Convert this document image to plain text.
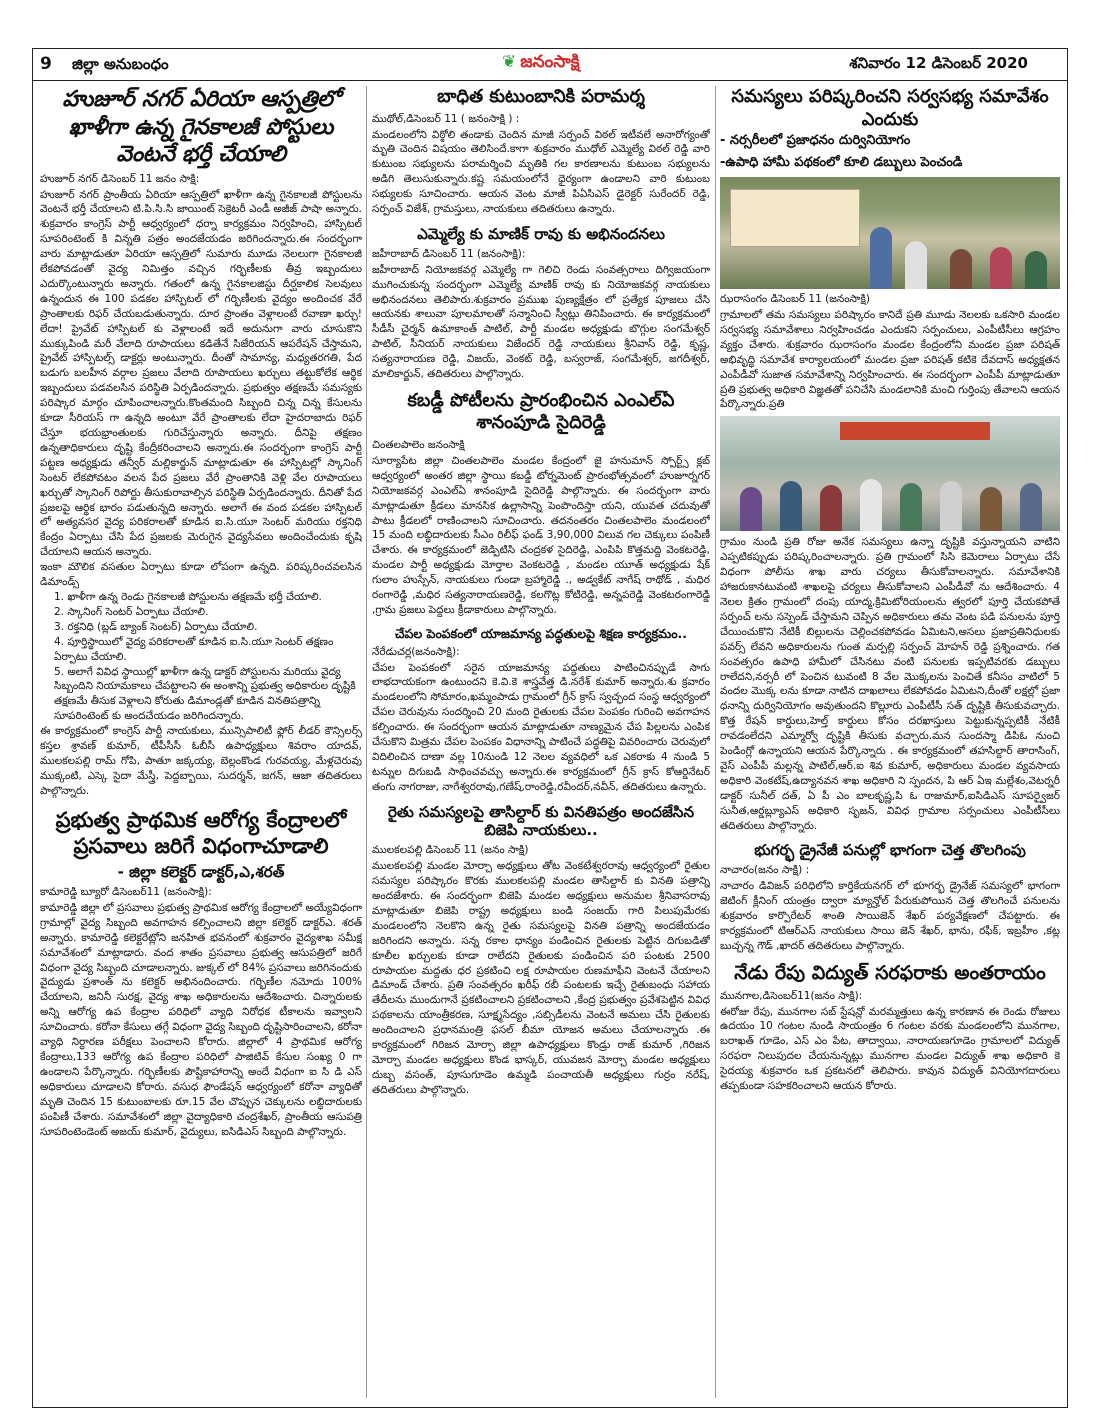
9 జిల్లా అనుబంధం	❦ జనంసాక్షి	శనివారం 12 డిసెంబర్ 2020
హుజూర్ నగర్ ఏరియా ఆస్పత్రిలో ఖాళీగా ఉన్న గైనకాలజీ పోస్టులు వెంటనే భర్తీ చేయాలి
హుజూర్ నగర్ డిసెంబర్ 11 జనం సాక్షి:
హుజూర్ నగర్ ప్రాంతీయ ఏరియా ఆస్పత్రిలో ఖాళీగా ఉన్న గైనకాలజీ పోస్టులను వెంటనే భర్తీ చేయాలని టి.పి.సి.సి జాయింట్ సెక్రెటరీ ఎండీ అజీజ్ పాషా అన్నారు. శుక్రవారం కాంగ్రెస్ పార్టీ ఆధ్వర్యంలో ధర్నా కార్యక్రమం నిర్వహించి, హాస్పిటల్ సూపరింటెంట్ కి విన్నతి పత్రం అందజేయడం జరిగిందన్నారు.ఈ సందర్భంగా వారు మాట్లాడుతూ ఏరియా ఆస్పత్రిలో సుమారు మూడు నెలలుగా గైనకాలజీ లేకపోవడంతో వైద్య నిమిత్తం వచ్చిన గర్భిణీలకు తీవ్ర ఇబ్బందులు ఎదుర్కొంటున్నారు అన్నారు. గతంలో ఉన్న గైనకాలజిస్టు దీర్ఘకాలిక సెలవులు ఉన్నందున ఈ 100 పడకల హాస్పిటల్ లో గర్భిణీలకు వైద్యం అందించక వేరే ప్రాంతాలకు రిఫర్ చేయబడుతున్నారు. దూర ప్రాంతం వెళ్లాలంటే రవాణా ఖర్చు! లేదా! ప్రైవేట్ హాస్పిటల్ కు వెళ్లాలంటే ఇదే అదునుగా వారు చూసుకొని ముక్కుపిండి మరీ వేలాది రూపాయలు కడితేనే సిజేరియన్ ఆపరేషన్ చేస్తామని, ప్రైవేట్ హాస్పిటల్స్ డాక్టర్లు అంటున్నారు. దీంతో సామాన్య, మధ్యతరగతి, పేద బడుగు బలహీన వర్గాల ప్రజలు వేలాది రూపాయలు ఖర్చులు తట్టుకోలేక ఆర్థిక ఇబ్బందులు పడవలసిన పరిస్థితి ఏర్పడిందన్నారు. ప్రభుత్వం తక్షణమే సమస్యకు పరిష్కార మార్గం చూపించాలన్నారు.కొంతమంది సిబ్బంది చిన్న చిన్న కేసులను కూడా సీరియస్ గా ఉన్నది అంటూ వేరే ప్రాంతాలకు లేదా హైదరాబాదు రిఫర్ చేస్తూ భయభ్రాంతులకు గురిచేస్తున్నారు అన్నారు. దీనిపై తక్షణం ఉన్నతాధికారులు దృష్టి కేంద్రీకరించాలని అన్నారు.ఈ సందర్భంగా కాంగ్రెస్ పార్టీ పట్టణ అధ్యక్షుడు తన్వీర్ మల్లికార్జున్ మాట్లాడుతూ ఈ హాస్పిటల్లో స్కానింగ్ సెంటర్ లేకపోవటం వలన పేద ప్రజలు వేరే ప్రాంతానికి వెళ్లి వేల రూపాయలు ఖర్చుతో స్కానింగ్ రిపోర్టు తీసుకురావాల్సిన పరిస్థితి ఏర్పడిందన్నారు. దీనితో పేద ప్రజలపై ఆర్థిక భారం పడుతున్నది అన్నారు. అలాగే ఈ వంద పడకల హాస్పిటల్ లో అత్యవసర వైద్య పరికరాలతో కూడిన ఐ.సి.యూ సెంటర్ మరియు రక్తనిధి కేంద్రం ఏర్పాటు చేసి పేద ప్రజలకు మెరుగైన వైద్యసేవలు అందించేందుకు కృషి చేయాలని ఆయన అన్నారు.
ఇంకా మౌలిక వసతుల ఏర్పాటు కూడా లోపంగా ఉన్నది. పరిష్కరించవలసిన డిమాండ్స్
1. ఖాళీగా ఉన్న రెండు గైనకాలజీ పోస్టులను తక్షణమే భర్తీ చేయాలి.
2. స్కానింగ్ సెంటర్ ఏర్పాటు చేయాలి.
3. రక్తనిధి (బ్లడ్ బ్యాంక్ సెంటర్) ఏర్పాటు చేయాలి.
4. పూర్తిస్థాయిలో వైద్య పరికరాలతో కూడిన ఐ.సి.యూ సెంటర్ తక్షణం ఏర్పాటు చేయాలి.
5. అలాగే వివిధ స్థాయిల్లో ఖాళీగా ఉన్న డాక్టర్ పోస్టులను మరియు వైద్య సిబ్బందిని నియామకాలు చేపట్టాలని ఈ అంశాన్ని ప్రభుత్వ అధికారుల దృష్టికి తక్షణమే తీసుక వెళ్లాలని కోరుతు డిమాండ్లతో కూడిన వినతిపత్రాన్ని సూపరింటెంట్ కు అందచేయడం జరిగిందన్నారు.
ఈ కార్యక్రమంలో కాంగ్రెస్ పార్టీ నాయకులు, మున్సిపాలిటీ ఫ్లోర్ లీడర్ కౌన్సిలర్స్ కస్తల శ్రావణ్ కుమార్, టీపీసీసీ ఓబీసీ ఉపాధ్యక్షులు శివరాం యాదవ్, ములకలపల్లి రామ్ గోపి, పాతూ జక్కయ్య, బెల్లంకొండ గురవయ్య, మేళ్లచెరువు ముక్కంటి, ఎస్కె సైదా మేస్త్రీ, పెద్దబ్బాయి, సుదర్శన్, జగన్, ఆజా తదితరులు పాల్గొన్నారు.
ప్రభుత్వ ప్రాథమిక ఆరోగ్య కేంద్రాలలో ప్రసవాలు జరిగే విధంగాచూడాలి
- జిల్లా కలెక్టర్ డాక్టర్,ఎ,శరత్
కామారెడ్డి బ్యూరో డిసెంబర్11 (జనంసాక్షి):
కామారెడ్డి జిల్లా లో ప్రసవాలు ప్రభుత్వ ప్రాథమిక ఆరోగ్య కేంద్రాలలో అయ్యేవిధంగా గ్రామాల్లో వైద్య సిబ్బంది అవగాహన కల్పించాలని జిల్లా కలెక్టర్ డాక్టర్ఎ. శరత్ అన్నారు. కామారెడ్డి కలెక్టరేట్లోని జనహిత భవనంలో శుక్రవారం వైద్యశాఖ సమీక్ష సమావేశంలో మాట్లాడారు. వంద శాతం ప్రసవాలు ప్రభుత్వ ఆసుపత్రిలో జరిగే విధంగా వైద్య సిబ్బంది చూడాలన్నారు. జుక్కల్ లో 84% ప్రసవాలు జరిగినందుకు వైద్యుడు ప్రశాంత్ ను కలెక్టర్ అభినందించారు. గర్భిణీల నమోదు 100% చేయాలని, జనినీ సురక్ష, వైద్య శాఖ అధికారులను ఆదేశించారు. చిన్నారులకు అన్ని ఆరోగ్య ఉప కేంద్రాల పరిధిలో వ్యాధి నిరోధక టీకాలను ఇవ్వాలని సూచించారు. కరోనా కేసులు తగ్గే విధంగా వైద్య సిబ్బంది దృష్టిసారించాలని, కరోనా వ్యాధి నిర్ధారణ పరీక్షలు పెంచాలని కోరారు. జిల్లాలో 4 ప్రాథమిక ఆరోగ్య కేంద్రాలు,133 ఆరోగ్య ఉప కేంద్రాల పరిధిలో పాజిటివ్ కేసుల సంఖ్య 0 గా ఉండాలని పేర్కొన్నారు. గర్భిణీలకు పౌష్టికాహారాన్ని అందే విధంగా ఐ సి డి ఎస్ అధికారులు చూడాలని కోరారు. వసుధ ఫౌండేషన్ ఆధ్వర్యంలో కరోనా వ్యాధితో మృతి చెందిన 15 కుటుంబాలకు రూ.15 వేల చొప్పున చెక్కులను లబ్ధిదారులకు పంపిణీ చేశారు. సమావేశంలో జిల్లా వైద్యాధికారి చంద్రశేఖర్, ప్రాంతీయ ఆసుపత్రి సూపరింటెండెంట్ అజయ్ కుమార్, వైద్యులు, ఐసిడిఎస్ సిబ్బంది పాల్గొన్నారు.
బాధిత కుటుంబానికి పరామర్శ
ముథోల్,డిసెంబర్ 11 ( జనంసాక్షి ) :
మండలంలోని విఠ్ఠోలి తండాకు చెందిన మాజీ సర్పంచ్ విఠల్ ఇటీవలే అనారోగ్యంతో మృతి చెందిన విషయం తెలిసిందే.కాగా శుక్రవారం ముధోల్ ఎమ్మెల్యే విఠల్ రెడ్డి వారి కుటుంబ సభ్యులను పరామర్శించి మృతికి గల కారణాలను కుటుంబ సభ్యులను అడిగి తెలుసుకున్నారు.కష్ట సమయంలోనే ధైర్యంగా ఉండాలని వారి కుటుంబ సభ్యులకు సూచించారు. ఆయన వెంట మాజీ పిఏసిఎస్ డైరెక్టర్ సురేందర్ రెడ్డి, సర్పంచ్ విజేశ్, గ్రామస్తులు, నాయకులు తదితరులు ఉన్నారు.
ఎమ్మెల్యే కు మాణిక్ రావు కు అభినందనలు
జహీరాబాద్ డిసెంబర్ 11 (జనంసాక్షి):
జహీరాబాద్ నియోజకవర్గ ఎమ్మెల్యే గా గెలిచి రెండు సంవత్సరాలు దిగ్విజయంగా ముగించుకున్న సందర్భంగా ఎమ్మెల్యే మాణిక్ రావు కు నియోజకవర్గ నాయకులు అభినందనలు తెలిపారు.శుక్రవారం ప్రముఖ పుణ్యక్షేత్రం లో ప్రత్యేక పూజలు చేసి ఆయనకు శాలువా పూలమాలతో సన్మానించి స్వీట్లు తినిపించారు. ఈ కార్యక్రమంలో సీడీసీ చైర్మన్ ఉమాకాంత్ పాటిల్, పార్టీ మండల అధ్యక్షుడు బొగ్గుల సంగమేశ్వర్ పాటిల్, సీనియర్ నాయకులు విజేందర్ రెడ్డి నాయకులు శ్రీనివాస్ రెడ్డి, కృష్ణ, సత్యనారాయణ రెడ్డి, విజయ్, వెంకట్ రెడ్డి, బస్వరాజ్, సంగమేశ్వర్, జగదీశ్వర్, మాలికార్జున్, తదితరులు పాల్గొన్నారు.
కబడ్డీ పోటీలను ప్రారంభించిన ఎంఎల్ఏ శానంపూడి సైదిరెడ్డి
చింతలపాలెం జనంసాక్షి
సూర్యాపేట జిల్లా చింతలపాలెం మండల కేంద్రంలో జై హనుమాన్ స్పోర్ట్స్ క్లబ్ ఆధ్వర్యంలో అంతర జిల్లా స్థాయి కబడ్డీ టోర్నమెంట్ ప్రారంభోత్సవంలో హుజూర్నగర్ నియోజకవర్గ ఎంఎల్ఏ శానంపూడి సైదిరెడ్డి పాల్గొన్నారు. ఈ సందర్భంగా వారు మాట్లాడుతూ క్రీడలు మానసిక ఉల్లాసాన్ని పెంపొందిస్తా యని, యువత చదువుతో పాటు క్రీడలలో రాణించాలని సూచించారు. తదనంతరం చింతలపాలెం మండలంలో 15 మంది లబ్ధిదారులకు సీఎం రిలీఫ్ ఫండ్ 3,90,000 విలువ గల చెక్కులు పంపిణీ చేశారు. ఈ కార్యక్రమంలో జెడ్పిటిసి చంద్రకళ సైదిరెడ్డి, ఎంపిపి కొత్తమద్ది వెంకటరెడ్డి, మండల పార్టీ అధ్యక్షుడు మోర్తాల వెంకటరెడ్డి , మండల యూత్ అధ్యక్షుడు షేక్ గులాం హుస్సేన్, నాయకులు గుండా బ్రహ్మారెడ్డి ., అడ్వకేట్ నాగేష్ రాథోడ్ , మధిర రంగారెడ్డి ,మధిర సత్యనారాయణరెడ్డి, కలగొట్ల కోటిరెడ్డి, అన్నపరెడ్డి వెంకటరంగారెడ్డి ,గ్రామ ప్రజలు పెద్దలు క్రీడాకారులు పాల్గొన్నారు.
చేపల పెంపకంలో యాజమాన్య పద్ధతులపై శిక్షణ కార్యక్రమం..
నేరేడుచర్ల(జనంసాక్షి):
చేపల పెంపకంలో సరైన యాజమాన్య పద్ధతులు పాటించినప్పుడే సాగు లాభదాయకంగా ఉంటుందని కె.వి.కె శాస్త్రవేత్త డి.నరేశ్ కుమార్ అన్నారు.శు క్రవారం మండలంలోని సోమారం,ఖమ్మంపాడు గ్రామంలో గ్రీన్ క్రాస్ స్వచ్ఛంద సంస్థ ఆధ్వర్యంలో చేపల చెరువును సందర్శించి 20 మంది రైతులకు చేపల పెంపకం గురించి అవగాహన కల్పించారు. ఈ సందర్భంగా ఆయన మాట్లాడుతూ నాణ్యమైన చేప పిల్లలను ఎంపిక చేసుకొని మిత్రమ చేపల పెంపకం విధానాన్ని పాటించే పద్ధతిపై వివరించారు చెరువులో విదిలించిన దాణా వల్ల 10నుండి 12 నెలల వ్యవధిలో ఒక ఎకరాకు 4 నుండి 5 టన్నుల దిగుబడి సాధించవచ్చు అన్నారు.ఈ కార్యక్రమంలో గ్రీన్ క్రాస్ కోఆర్డినేటర్ తంగు నాగరాజు, నాగేశ్వరరావు,గణేష్,రాంరెడ్డి,రవీందర్,నవీన్, తదితరులు ఉన్నారు.
రైతు సమస్యలపై తాసిల్దార్ కు వినతిపత్రం అందజేసిన బిజెపి నాయకులు..
ములకలపల్లి డిసెంబర్ 11 (జనం సాక్షి)
ములకలపల్లి మండల మోర్చా అధ్యక్షులు తోట వెంకటేశ్వరరావు ఆధ్వర్యంలో రైతుల సమస్యల పరిష్కారం కొరకు ములకలపల్లి మండల తాసిల్దార్ కు వినతి పత్రాన్ని అందజేశారు. ఈ సందర్భంగా బిజెపి మండల అధ్యక్షులు అనుమల శ్రీనివాసరావు మాట్లాడుతూ బిజెపి రాష్ట్ర అధ్యక్షులు బండి సంజయ్ గారి పిలుపుమేరకు మండలంలోని నెలకొని ఉన్న రైతు సమస్యలపై వినతి పత్రాన్ని అందజేయడం జరిగిందని అన్నారు. సన్న రకాల ధాన్యం పండించిన రైతులకు పెట్టిన దిగుబడితో కూలీల ఖర్చులకు కూడా రాలేదని రైతులకు పండించిన పరి పంటకు 2500 రూపాయల మద్దతు ధర ప్రకటించి లక్ష రూపాయల రుణమాఫీని వెంటనే చేయాలని డిమాండ్ చేశారు. ప్రతి సంవత్సరం ఖరీఫ్ రబీ పంటలకు ఇచ్చే రైతుబంధు సహాయ తేదీలను ముందుగానే ప్రకటించాలని ప్రకటించాలని ,కేంద్ర ప్రభుత్వం ప్రవేశపెట్టిన వివిధ పథకాలను యాంత్రీకరణ, సూక్ష్మసేద్యం ,సబ్సిడీలను వెంటనే అమలు చేసి రైతులకు అందించాలని ప్రధానమంత్రి ఫసల్ బీమా యోజన అమలు చేయాలన్నారు .ఈ కార్యక్రమంలో గిరిజన మోర్చా జిల్లా ఉపాధ్యక్షులు కొండ్రు రాజ్ కుమార్ ,గిరిజన మోర్చా మండల అధ్యక్షులు కొండ భాస్కర్, యువజన మోర్చా మండల అధ్యక్షులు దుబ్బ వసంత్, పూసుగూడెం ఉమ్మడి పంచాయతీ అధ్యక్షులు గుర్రం నరేష్, తదితరులు పాల్గొన్నారు.
సమస్యలు పరిష్కరించని సర్వసభ్య సమావేశం ఎందుకు
- నర్సరీలలో ప్రజాధనం దుర్వినియోగం
-ఉపాధి హామీ పథకంలో కూలి డబ్బులు పెంచండి
ఝరాసంగం డిసెంబర్ 11 (జనంసాక్షి)
గ్రామాలలో తమ సమస్యలు పరిష్కారం కానిదే ప్రతి మూడు నెలలకు ఒకసారి మండల సర్వసభ్య సమావేశాలు నిర్వహించడం ఎందుకని సర్పంచులు, ఎంపీటీసీలు ఆగ్రహం వ్యక్తం చేశారు. శుక్రవారం ఝరాసంగం మండల కేంద్రంలోని మండల ప్రజా పరిషత్ అభివృద్ధి సమావేశ కార్యాలయంలో మండల ప్రజా పరిషత్ కటికె దేవదాస్ అధ్యక్షతన ఎంపీడీవో సుజాత సమావేశాన్ని నిర్వహించారు. ఈ సందర్భంగా ఎంపీపీ మాట్లాడుతూ ప్రతి ప్రభుత్వ అధికారి విజ్ఞతతో పనిచేసి మండలానికి మంచి గుర్తింపు తేవాలని ఆయన పేర్కొన్నారు.ప్రతి
గ్రామం నుండి ప్రతి రోజు అనేక సమస్యలు ఉన్నా దృష్టికి వస్తున్నాయని వాటిని ఎప్పటికప్పుడు పరిష్కరించాలన్నారు. ప్రతి గ్రామంలో సిసి కెమెరాలు ఏర్పాటు చేసే విధంగా పోలీసు శాఖ వారు చర్యలు తీసుకోవాలన్నారు. సమావేశానికి హాజరుకానటువంటి శాఖలపై చర్యలు తీసుకోవాలని ఎంపీడీవో ను ఆదేశించారు. 4 నెలల క్రితం గ్రామంలో దంపు యాద్మ,క్రిమిటోరియంలను త్వరలో పూర్తి చేయకపోతే సర్పంచ్ లను సస్పెండ్ చేస్తామని చెప్పిన అధికారులు తమ వెంట పడి పనులను పూర్తి చేయించుకొని నేటికీ బిల్లులను చెల్లించకపోవడం ఏమిటని,అసలు ప్రజాప్రతినిధులకు పవర్స్ లేవని అధికారులను గుంత మర్పల్లి సర్పంచ్ మోహన్ రెడ్డి ప్రశ్నించారు. గత సంవత్సరం ఉపాధి హామీలో చేసినటు వంటి పనులకు ఇప్పటివరకు డబ్బులు రాలేదని,నర్సరీ లో పెంచిన టువంటి 8 వేల మొక్కలను పెంచితే కనీసం వాటిలో 5 వందల మొక్క లను కూడా నాటిన దాఖలాలు లేకపోవడం ఏమిటని,దీంతో లక్షల్లో ప్రజా ధనాన్ని దుర్వినియోగం అవుతుందని కొల్లూరు ఎంపీటీసీ సత్ దృష్టికి తీసుకువచ్చారు. కొత్త రేషన్ కార్డులు,హెల్త్ కార్డులు కోసం దరఖాస్తులు పెట్టుకున్నప్పటికీ నేటికీ రావడంలేదని ఎమ్మార్వో దృష్టికి తీసుకు వచ్చారు.మన సుందస్మా డిపిఓ నుంచి పెండింగ్లో ఉన్నాయని ఆయన పేర్కొన్నారు . ఈ కార్యక్రమంలో తహసిల్దార్ తారాసింగ్, వైస్ ఎంపీపీ మల్లన్న పాటిల్,ఆర్.ఐ శివ కుమార్, అధికారులు మండల వ్యవసాయ అధికారి వెంకటేష్,ఉద్యానవన శాఖ అధికారి ని స్పందన, పి ఆర్ ఏఇ మల్లేశం,వెటర్నరీ డాక్టర్ సునీల్ దత్, ఏ పీ ఎం బాలకృష్ణ,పి ఓ రాజుమార్,ఐసిడిఎస్ సూపర్వైజర్ సునీత,ఆర్డబ్ల్యూఎస్ అధికారి సృజన్, వివిధ గ్రామాల సర్పంచులు ఎంపీటీసీలు తదితరులు పాల్గొన్నారు.
భుగర్భ డ్రైనేజీ పనుల్లో భాగంగా చెత్త తొలగింపు
నాచారం(జనం సాక్షి) :
నాచారం డివిజన్ పరిధిలోని కార్తికేయనగర్ లో భూగర్భ డ్రైనేజ్ సమస్యలో భాగంగా జెటింగ్ క్లీనింగ్ యంత్రం ద్వారా మ్యాన్హోల్ పేరుకుపోయిన చెత్త తొలగించే పనులను శుక్రవారం కార్పొరేటర్ శాంతి సాయిజెన్ శేఖర్ పర్యవేక్షణలో చేపట్టారు. ఈ కార్యక్రమంలో టిఆర్ఎస్ నాయకులు సాయి జెన్ శేఖర్, భాను, రఫీక్, ఇబ్రహీం ,కట్ల బుచ్చన్న గౌడ్ ,ఖాదర్ తదితరులు పాల్గొన్నారు.
నేడు రేపు విద్యుత్ సరఫరాకు అంతరాయం
మునగాల,డిసెంబర్11(జనం సాక్షి):
ఈరోజు రేపు, మునగాల సబ్ స్టేషన్లో మరమ్మత్తులు ఉన్న కారణాన ఈ రెండు రోజులు ఉదయం 10 గంటల నుండి సాయంత్రం 6 గంటల వరకు మండలంలోని మునగాల, బరాఖత్ గూడెం, ఎస్ ఎం పేట, తాద్వాయి, నారాయణగూడెం గ్రామాలలో విద్యుత్ సరఫరా నిలుపుదల చేయనున్నట్లు మునగాల మండల విద్యుత్ శాఖ అధికారి కె సైదయ్య శుక్రవారం ఒక ప్రకటనలో తెలిపారు. కావున విద్యుత్ వినియోగదారులు తప్పకుండా సహకరించాలని ఆయన కోరారు.
